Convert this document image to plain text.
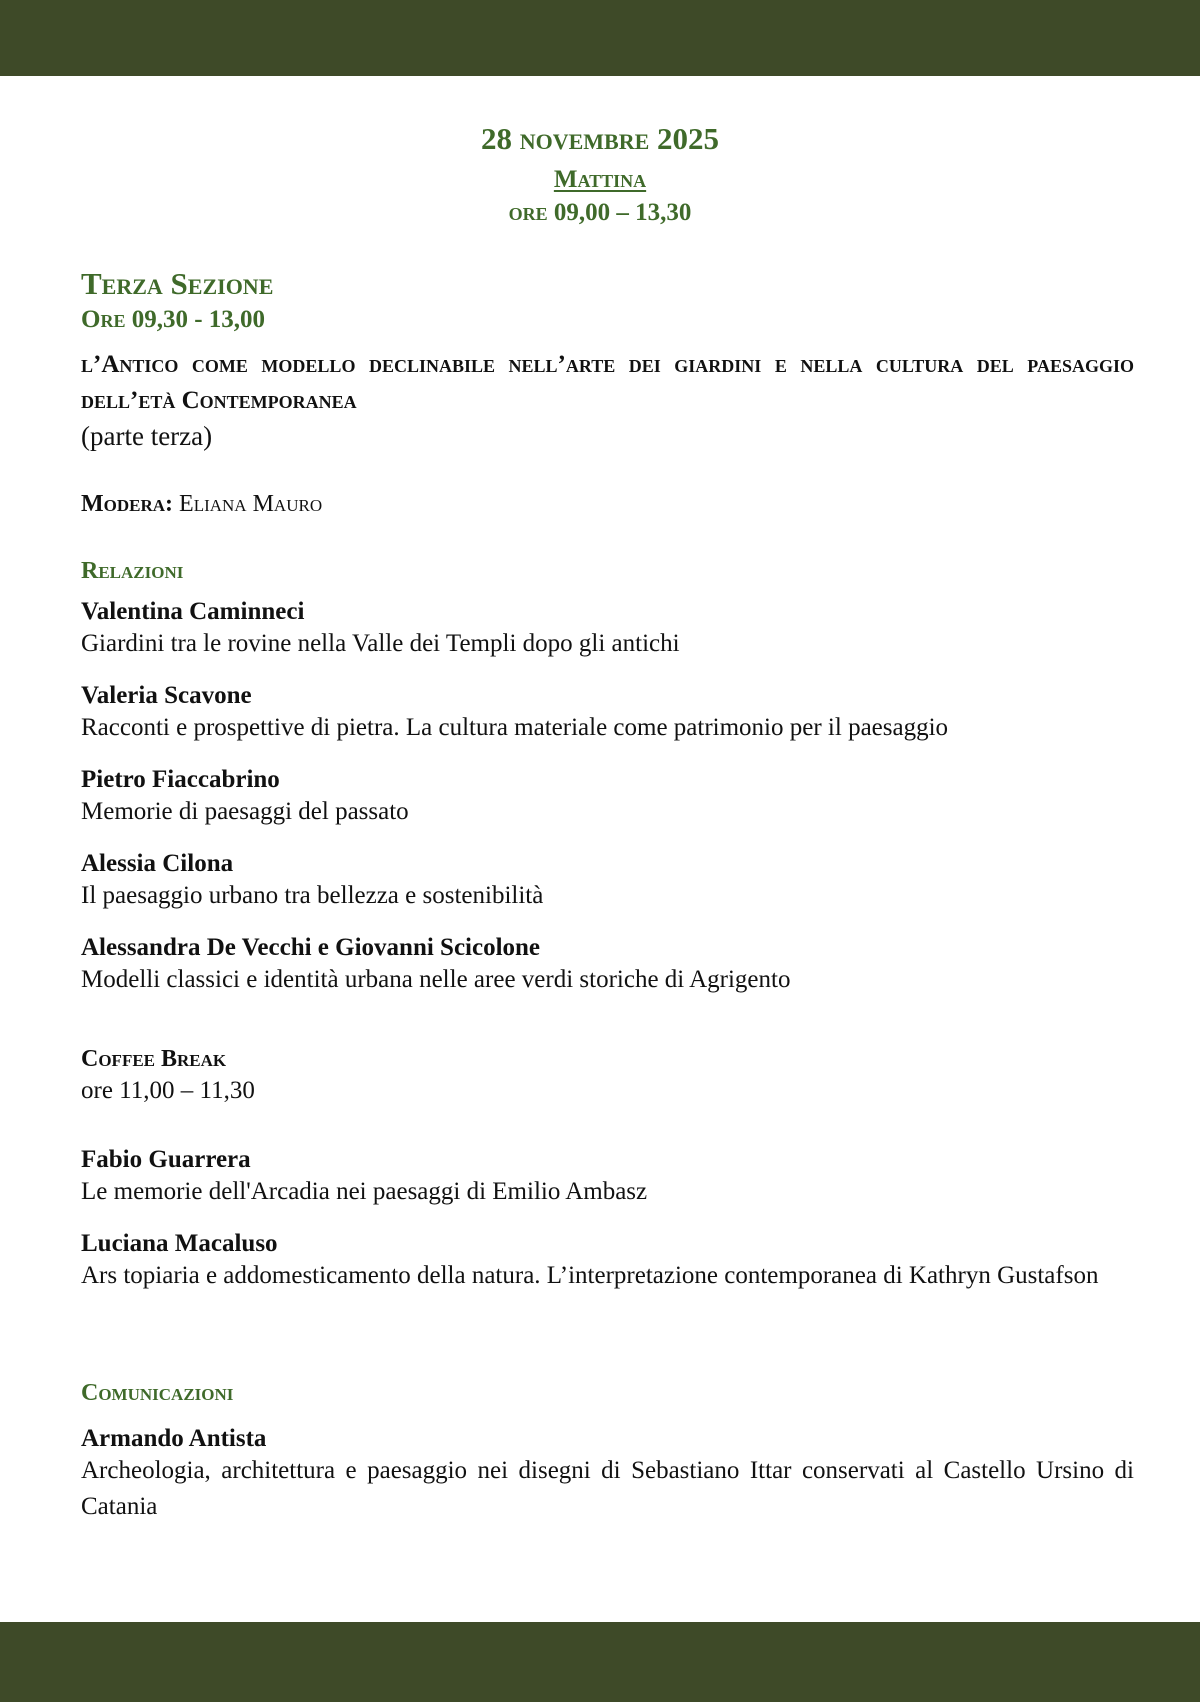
28 novembre 2025
Mattina
ore 09,00 – 13,30
Terza Sezione
Ore 09,30 - 13,00
l’Antico come modello declinabile nell’arte dei giardini e nella cultura del paesaggio dell’età Contemporanea
(parte terza)
Modera: Eliana Mauro
Relazioni
Valentina Caminneci
Giardini tra le rovine nella Valle dei Templi dopo gli antichi
Valeria Scavone
Racconti e prospettive di pietra. La cultura materiale come patrimonio per il paesaggio
Pietro Fiaccabrino
Memorie di paesaggi del passato
Alessia Cilona
Il paesaggio urbano tra bellezza e sostenibilità
Alessandra De Vecchi e Giovanni Scicolone
Modelli classici e identità urbana nelle aree verdi storiche di Agrigento
Coffee Break
ore 11,00 – 11,30
Fabio Guarrera
Le memorie dell'Arcadia nei paesaggi di Emilio Ambasz
Luciana Macaluso
Ars topiaria e addomesticamento della natura. L’interpretazione contemporanea di Kathryn Gustafson
Comunicazioni
Armando Antista
Archeologia, architettura e paesaggio nei disegni di Sebastiano Ittar conservati al Castello Ursino di Catania
